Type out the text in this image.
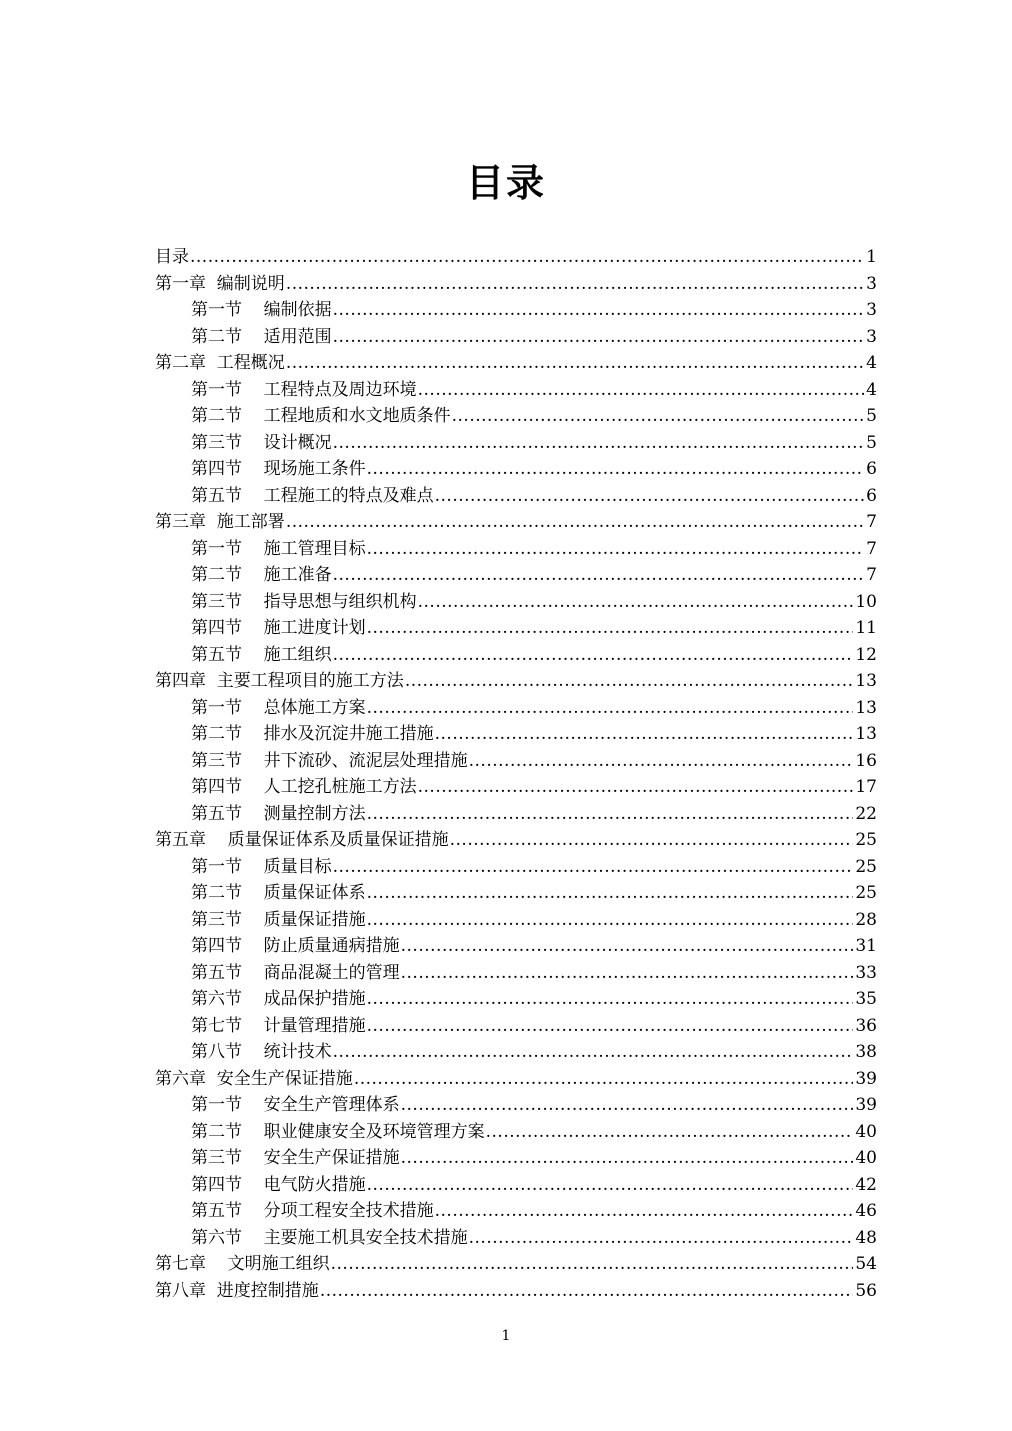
目录
目录 .....	1
第一章  编制说明 .....	3
第一节    编制依据 .....	3
第二节    适用范围 .....	3
第二章  工程概况 .....	4
第一节    工程特点及周边环境 .....	4
第二节    工程地质和水文地质条件 .....	5
第三节    设计概况 .....	5
第四节    现场施工条件 .....	6
第五节    工程施工的特点及难点 .....	6
第三章  施工部署 .....	7
第一节    施工管理目标 .....	7
第二节    施工准备 .....	7
第三节    指导思想与组织机构 .....	10
第四节    施工进度计划 .....	11
第五节    施工组织 .....	12
第四章  主要工程项目的施工方法 .....	13
第一节    总体施工方案 .....	13
第二节    排水及沉淀井施工措施 .....	13
第三节    井下流砂、流泥层处理措施 .....	16
第四节    人工挖孔桩施工方法 .....	17
第五节    测量控制方法 .....	22
第五章    质量保证体系及质量保证措施 .....	25
第一节    质量目标 .....	25
第二节    质量保证体系 .....	25
第三节    质量保证措施 .....	28
第四节    防止质量通病措施 .....	31
第五节    商品混凝土的管理 .....	33
第六节    成品保护措施 .....	35
第七节    计量管理措施 .....	36
第八节    统计技术 .....	38
第六章  安全生产保证措施 .....	39
第一节    安全生产管理体系 .....	39
第二节    职业健康安全及环境管理方案 .....	40
第三节    安全生产保证措施 .....	40
第四节    电气防火措施 .....	42
第五节    分项工程安全技术措施 .....	46
第六节    主要施工机具安全技术措施 .....	48
第七章    文明施工组织 .....	54
第八章  进度控制措施 .....	56
1
